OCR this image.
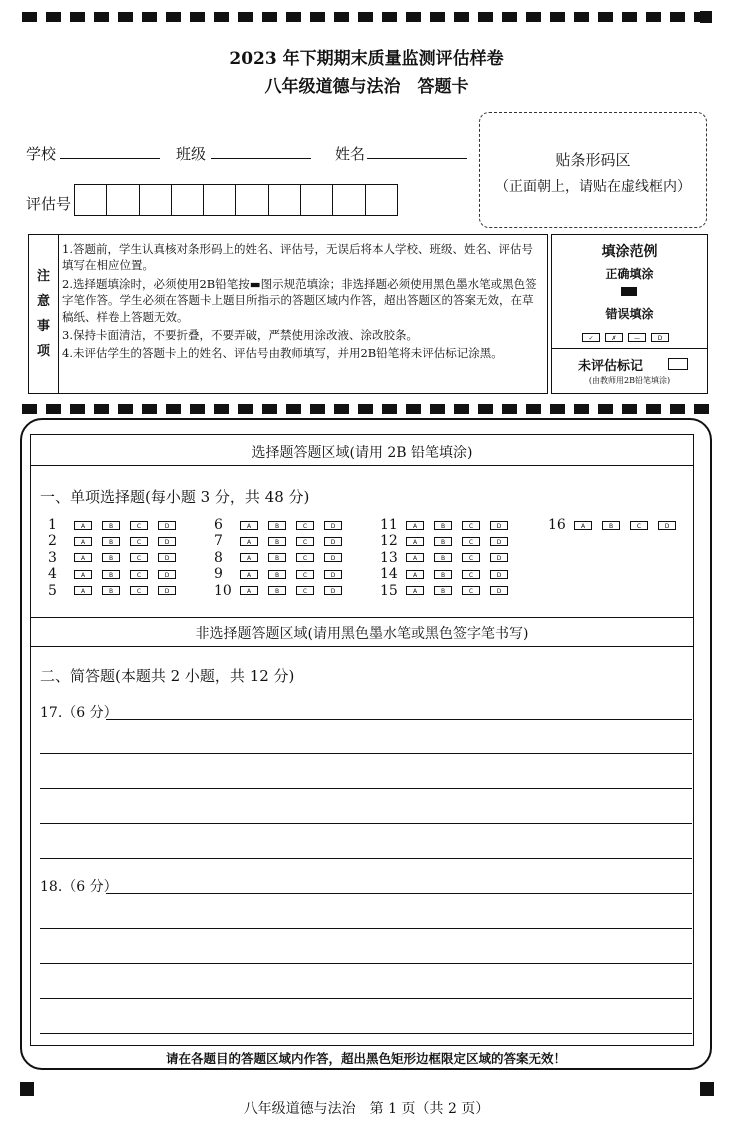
2023 年下期期末质量监测评估样卷
八年级道德与法治　答题卡
学校	班级	姓名
评估号
贴条形码区
（正面朝上，请贴在虚线框内）
注
意
事
项
1.答题前，学生认真核对条形码上的姓名、评估号，无误后将本人学校、班级、姓名、评估号填写在相应位置。
2.选择题填涂时，必须使用2B铅笔按▬图示规范填涂；非选择题必须使用黑色墨水笔或黑色签字笔作答。学生必须在答题卡上题目所指示的答题区域内作答，超出答题区的答案无效，在草稿纸、样卷上答题无效。
3.保持卡面清洁，不要折叠，不要弄破，严禁使用涂改液、涂改胶条。
4.未评估学生的答题卡上的姓名、评估号由教师填写，并用2B铅笔将未评估标记涂黑。
填涂范例
正确填涂
错误填涂
✓	✗	—	D
未评估标记
(由教师用2B铅笔填涂)
选择题答题区域(请用 2B 铅笔填涂)
一、单项选择题(每小题 3 分，共 48 分)
1	A	B	C	D
2	A	B	C	D
3	A	B	C	D
4	A	B	C	D
5	A	B	C	D
6	A	B	C	D
7	A	B	C	D
8	A	B	C	D
9	A	B	C	D
10	A	B	C	D
11	A	B	C	D
12	A	B	C	D
13	A	B	C	D
14	A	B	C	D
15	A	B	C	D
16	A	B	C	D
非选择题答题区域(请用黑色墨水笔或黑色签字笔书写)
二、简答题(本题共 2 小题，共 12 分)
17.（6 分）
18.（6 分）
请在各题目的答题区域内作答，超出黑色矩形边框限定区域的答案无效！
八年级道德与法治　第 1 页（共 2 页）
